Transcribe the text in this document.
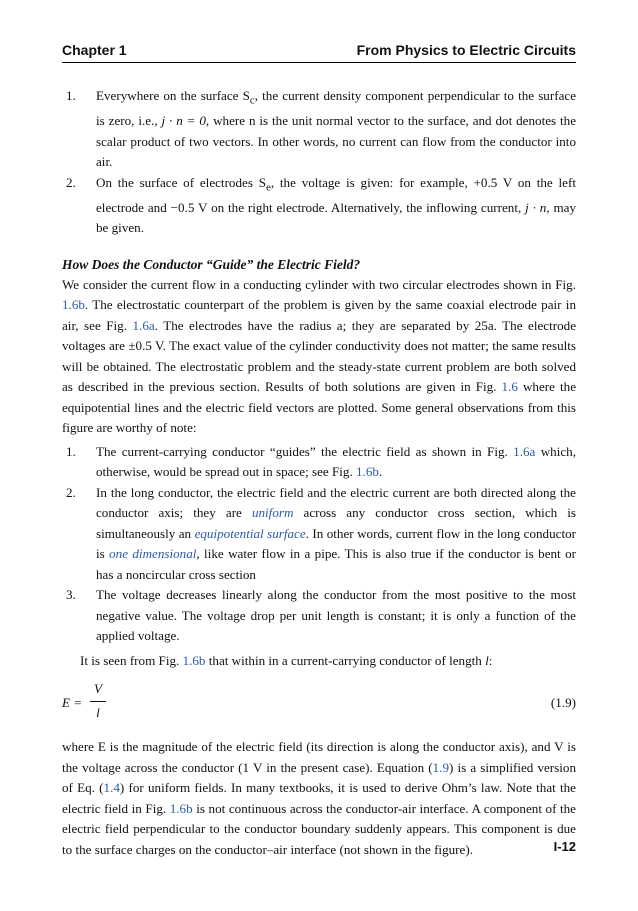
Chapter 1	From Physics to Electric Circuits
1. Everywhere on the surface $S_c$, the current density component perpendicular to the surface is zero, i.e., j · n = 0, where n is the unit normal vector to the surface, and dot denotes the scalar product of two vectors. In other words, no current can flow from the conductor into air.
2. On the surface of electrodes $S_e$, the voltage is given: for example, +0.5 V on the left electrode and −0.5 V on the right electrode. Alternatively, the inflowing current, j · n, may be given.
How Does the Conductor “Guide” the Electric Field?

We consider the current flow in a conducting cylinder with two circular electrodes shown in Fig. 1.6b. The electrostatic counterpart of the problem is given by the same coaxial electrode pair in air, see Fig. 1.6a. The electrodes have the radius a; they are separated by 25a. The electrode voltages are ±0.5 V. The exact value of the cylinder conductivity does not matter; the same results will be obtained. The electrostatic problem and the steady-state current problem are both solved as described in the previous section. Results of both solutions are given in Fig. 1.6 where the equipotential lines and the electric field vectors are plotted. Some general observations from this figure are worthy of note:

1. The current-carrying conductor “guides” the electric field as shown in Fig. 1.6a which, otherwise, would be spread out in space; see Fig. 1.6b.
2. In the long conductor, the electric field and the electric current are both directed along the conductor axis; they are uniform across any conductor cross section, which is simultaneously an equipotential surface. In other words, current flow in the long conductor is one dimensional, like water flow in a pipe. This is also true if the conductor is bent or has a noncircular cross section
3. The voltage decreases linearly along the conductor from the most positive to the most negative value. The voltage drop per unit length is constant; it is only a function of the applied voltage.

It is seen from Fig. 1.6b that within in a current-carrying conductor of length l:

E =
V
l
(1.9)

where E is the magnitude of the electric field (its direction is along the conductor axis), and V is the voltage across the conductor (1 V in the present case). Equation (1.9) is a simplified version of Eq. (1.4) for uniform fields. In many textbooks, it is used to derive Ohm’s law. Note that the electric field in Fig. 1.6b is not continuous across the conductor-air interface. A component of the electric field perpendicular to the conductor boundary suddenly appears. This component is due to the surface charges on the conductor–air interface (not shown in the figure).	I-12
